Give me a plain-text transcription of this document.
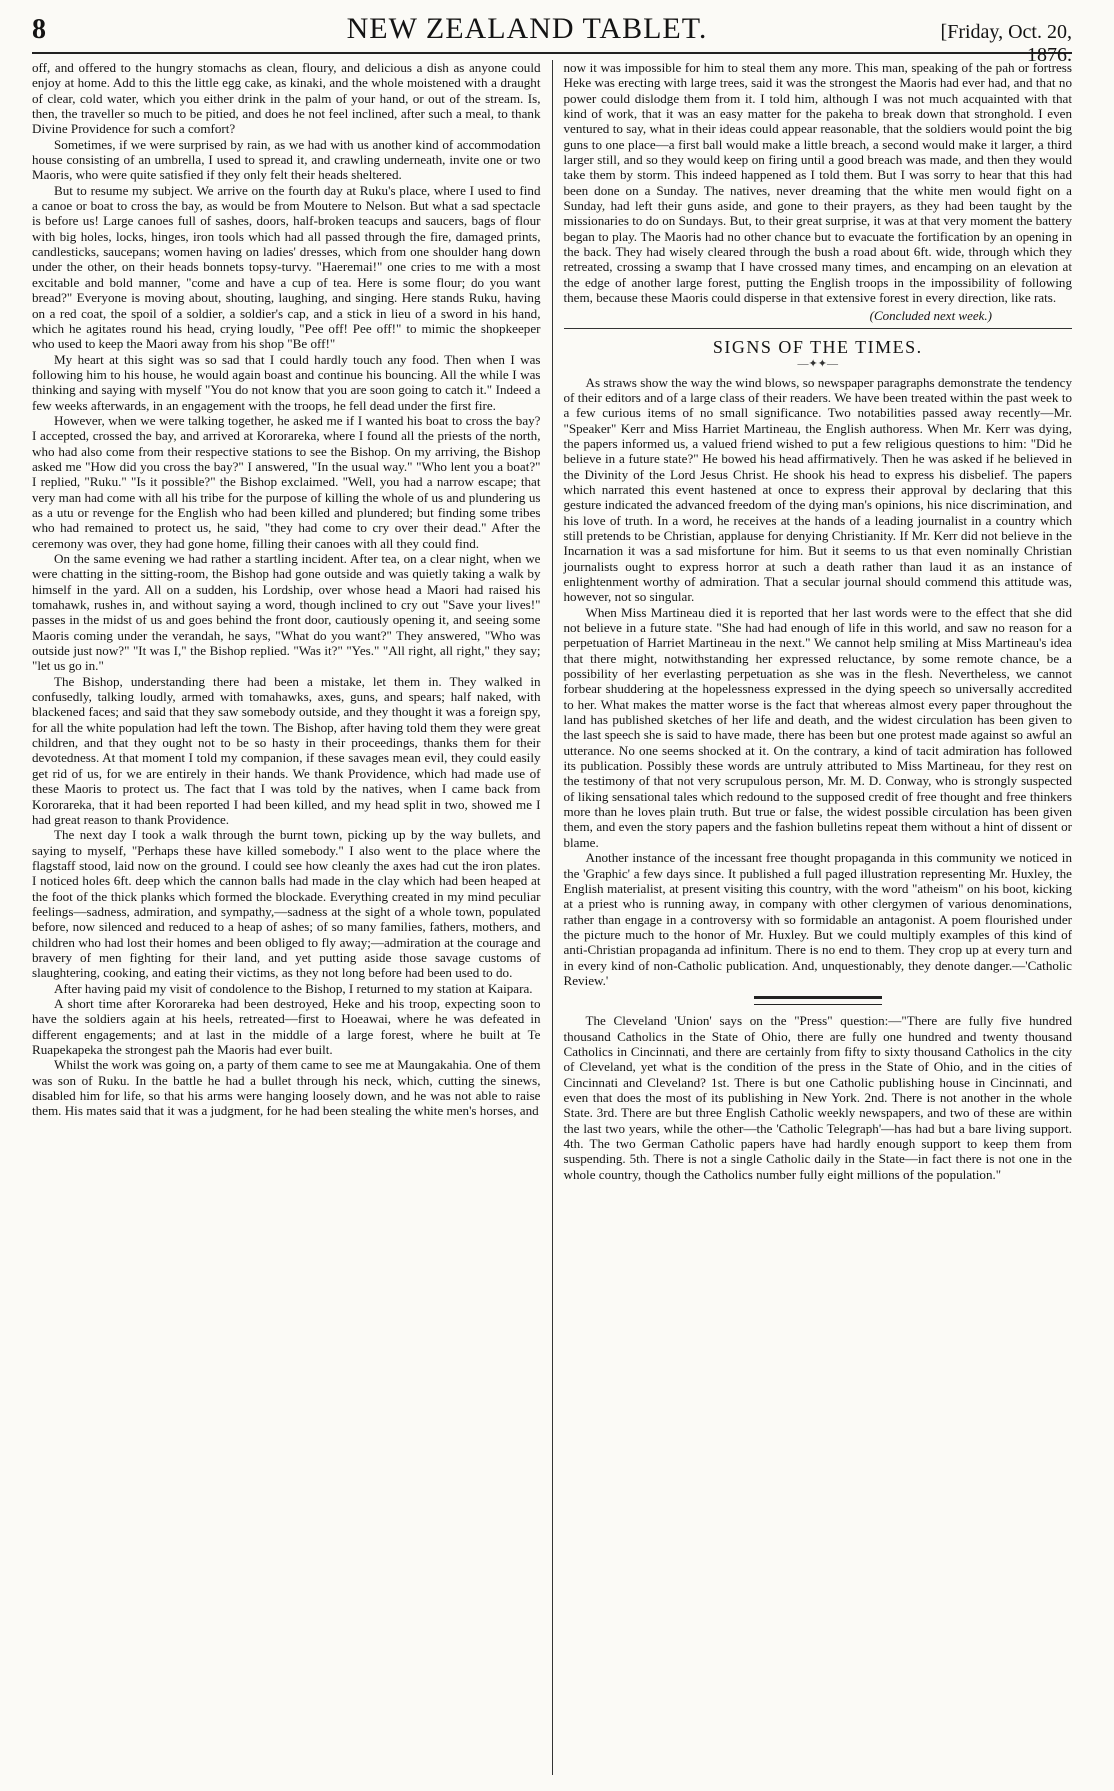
8	NEW ZEALAND TABLET.	[Friday, Oct. 20, 1876.

off, and offered to the hungry stomachs as clean, floury, and delicious a dish as anyone could enjoy at home. Add to this the little egg cake, as kinaki, and the whole moistened with a draught of clear, cold water, which you either drink in the palm of your hand, or out of the stream. Is, then, the traveller so much to be pitied, and does he not feel inclined, after such a meal, to thank Divine Providence for such a comfort?

Sometimes, if we were surprised by rain, as we had with us another kind of accommodation house consisting of an umbrella, I used to spread it, and crawling underneath, invite one or two Maoris, who were quite satisfied if they only felt their heads sheltered.

But to resume my subject. We arrive on the fourth day at Ruku's place, where I used to find a canoe or boat to cross the bay, as would be from Moutere to Nelson. But what a sad spectacle is before us! Large canoes full of sashes, doors, half-broken teacups and saucers, bags of flour with big holes, locks, hinges, iron tools which had all passed through the fire, damaged prints, candlesticks, saucepans; women having on ladies' dresses, which from one shoulder hang down under the other, on their heads bonnets topsy-turvy. "Haeremai!" one cries to me with a most excitable and bold manner, "come and have a cup of tea. Here is some flour; do you want bread?" Everyone is moving about, shouting, laughing, and singing. Here stands Ruku, having on a red coat, the spoil of a soldier, a soldier's cap, and a stick in lieu of a sword in his hand, which he agitates round his head, crying loudly, "Pee off! Pee off!" to mimic the shopkeeper who used to keep the Maori away from his shop "Be off!"

My heart at this sight was so sad that I could hardly touch any food. Then when I was following him to his house, he would again boast and continue his bouncing. All the while I was thinking and saying with myself "You do not know that you are soon going to catch it." Indeed a few weeks afterwards, in an engagement with the troops, he fell dead under the first fire.

However, when we were talking together, he asked me if I wanted his boat to cross the bay? I accepted, crossed the bay, and arrived at Kororareka, where I found all the priests of the north, who had also come from their respective stations to see the Bishop. On my arriving, the Bishop asked me "How did you cross the bay?" I answered, "In the usual way." "Who lent you a boat?" I replied, "Ruku." "Is it possible?" the Bishop exclaimed. "Well, you had a narrow escape; that very man had come with all his tribe for the purpose of killing the whole of us and plundering us as a utu or revenge for the English who had been killed and plundered; but finding some tribes who had remained to protect us, he said, "they had come to cry over their dead." After the ceremony was over, they had gone home, filling their canoes with all they could find.

On the same evening we had rather a startling incident. After tea, on a clear night, when we were chatting in the sitting-room, the Bishop had gone outside and was quietly taking a walk by himself in the yard. All on a sudden, his Lordship, over whose head a Maori had raised his tomahawk, rushes in, and without saying a word, though inclined to cry out "Save your lives!" passes in the midst of us and goes behind the front door, cautiously opening it, and seeing some Maoris coming under the verandah, he says, "What do you want?" They answered, "Who was outside just now?" "It was I," the Bishop replied. "Was it?" "Yes." "All right, all right," they say; "let us go in."

The Bishop, understanding there had been a mistake, let them in. They walked in confusedly, talking loudly, armed with tomahawks, axes, guns, and spears; half naked, with blackened faces; and said that they saw somebody outside, and they thought it was a foreign spy, for all the white population had left the town. The Bishop, after having told them they were great children, and that they ought not to be so hasty in their proceedings, thanks them for their devotedness. At that moment I told my companion, if these savages mean evil, they could easily get rid of us, for we are entirely in their hands. We thank Providence, which had made use of these Maoris to protect us. The fact that I was told by the natives, when I came back from Kororareka, that it had been reported I had been killed, and my head split in two, showed me I had great reason to thank Providence.

The next day I took a walk through the burnt town, picking up by the way bullets, and saying to myself, "Perhaps these have killed somebody." I also went to the place where the flagstaff stood, laid now on the ground. I could see how cleanly the axes had cut the iron plates. I noticed holes 6ft. deep which the cannon balls had made in the clay which had been heaped at the foot of the thick planks which formed the blockade. Everything created in my mind peculiar feelings—sadness, admiration, and sympathy,—sadness at the sight of a whole town, populated before, now silenced and reduced to a heap of ashes; of so many families, fathers, mothers, and children who had lost their homes and been obliged to fly away;—admiration at the courage and bravery of men fighting for their land, and yet putting aside those savage customs of slaughtering, cooking, and eating their victims, as they not long before had been used to do.

After having paid my visit of condolence to the Bishop, I returned to my station at Kaipara.

A short time after Kororareka had been destroyed, Heke and his troop, expecting soon to have the soldiers again at his heels, retreated—first to Hoeawai, where he was defeated in different engagements; and at last in the middle of a large forest, where he built at Te Ruapekapeka the strongest pah the Maoris had ever built.

Whilst the work was going on, a party of them came to see me at Maungakahia. One of them was son of Ruku. In the battle he had a bullet through his neck, which, cutting the sinews, disabled him for life, so that his arms were hanging loosely down, and he was not able to raise them. His mates said that it was a judgment, for he had been stealing the white men's horses, and

now it was impossible for him to steal them any more. This man, speaking of the pah or fortress Heke was erecting with large trees, said it was the strongest the Maoris had ever had, and that no power could dislodge them from it. I told him, although I was not much acquainted with that kind of work, that it was an easy matter for the pakeha to break down that stronghold. I even ventured to say, what in their ideas could appear reasonable, that the soldiers would point the big guns to one place—a first ball would make a little breach, a second would make it larger, a third larger still, and so they would keep on firing until a good breach was made, and then they would take them by storm. This indeed happened as I told them. But I was sorry to hear that this had been done on a Sunday. The natives, never dreaming that the white men would fight on a Sunday, had left their guns aside, and gone to their prayers, as they had been taught by the missionaries to do on Sundays. But, to their great surprise, it was at that very moment the battery began to play. The Maoris had no other chance but to evacuate the fortification by an opening in the back. They had wisely cleared through the bush a road about 6ft. wide, through which they retreated, crossing a swamp that I have crossed many times, and encamping on an elevation at the edge of another large forest, putting the English troops in the impossibility of following them, because these Maoris could disperse in that extensive forest in every direction, like rats.

(Concluded next week.)
SIGNS OF THE TIMES.
—✦✦—

As straws show the way the wind blows, so newspaper paragraphs demonstrate the tendency of their editors and of a large class of their readers. We have been treated within the past week to a few curious items of no small significance. Two notabilities passed away recently—Mr. "Speaker" Kerr and Miss Harriet Martineau, the English authoress. When Mr. Kerr was dying, the papers informed us, a valued friend wished to put a few religious questions to him: "Did he believe in a future state?" He bowed his head affirmatively. Then he was asked if he believed in the Divinity of the Lord Jesus Christ. He shook his head to express his disbelief. The papers which narrated this event hastened at once to express their approval by declaring that this gesture indicated the advanced freedom of the dying man's opinions, his nice discrimination, and his love of truth. In a word, he receives at the hands of a leading journalist in a country which still pretends to be Christian, applause for denying Christianity. If Mr. Kerr did not believe in the Incarnation it was a sad misfortune for him. But it seems to us that even nominally Christian journalists ought to express horror at such a death rather than laud it as an instance of enlightenment worthy of admiration. That a secular journal should commend this attitude was, however, not so singular.

When Miss Martineau died it is reported that her last words were to the effect that she did not believe in a future state. "She had had enough of life in this world, and saw no reason for a perpetuation of Harriet Martineau in the next." We cannot help smiling at Miss Martineau's idea that there might, notwithstanding her expressed reluctance, by some remote chance, be a possibility of her everlasting perpetuation as she was in the flesh. Nevertheless, we cannot forbear shuddering at the hopelessness expressed in the dying speech so universally accredited to her. What makes the matter worse is the fact that whereas almost every paper throughout the land has published sketches of her life and death, and the widest circulation has been given to the last speech she is said to have made, there has been but one protest made against so awful an utterance. No one seems shocked at it. On the contrary, a kind of tacit admiration has followed its publication. Possibly these words are untruly attributed to Miss Martineau, for they rest on the testimony of that not very scrupulous person, Mr. M. D. Conway, who is strongly suspected of liking sensational tales which redound to the supposed credit of free thought and free thinkers more than he loves plain truth. But true or false, the widest possible circulation has been given them, and even the story papers and the fashion bulletins repeat them without a hint of dissent or blame.

Another instance of the incessant free thought propaganda in this community we noticed in the 'Graphic' a few days since. It published a full paged illustration representing Mr. Huxley, the English materialist, at present visiting this country, with the word "atheism" on his boot, kicking at a priest who is running away, in company with other clergymen of various denominations, rather than engage in a controversy with so formidable an antagonist. A poem flourished under the picture much to the honor of Mr. Huxley. But we could multiply examples of this kind of anti-Christian propaganda ad infinitum. There is no end to them. They crop up at every turn and in every kind of non-Catholic publication. And, unquestionably, they denote danger.—'Catholic Review.'

The Cleveland 'Union' says on the "Press" question:—"There are fully five hundred thousand Catholics in the State of Ohio, there are fully one hundred and twenty thousand Catholics in Cincinnati, and there are certainly from fifty to sixty thousand Catholics in the city of Cleveland, yet what is the condition of the press in the State of Ohio, and in the cities of Cincinnati and Cleveland? 1st. There is but one Catholic publishing house in Cincinnati, and even that does the most of its publishing in New York. 2nd. There is not another in the whole State. 3rd. There are but three English Catholic weekly newspapers, and two of these are within the last two years, while the other—the 'Catholic Telegraph'—has had but a bare living support. 4th. The two German Catholic papers have had hardly enough support to keep them from suspending. 5th. There is not a single Catholic daily in the State—in fact there is not one in the whole country, though the Catholics number fully eight millions of the population."
